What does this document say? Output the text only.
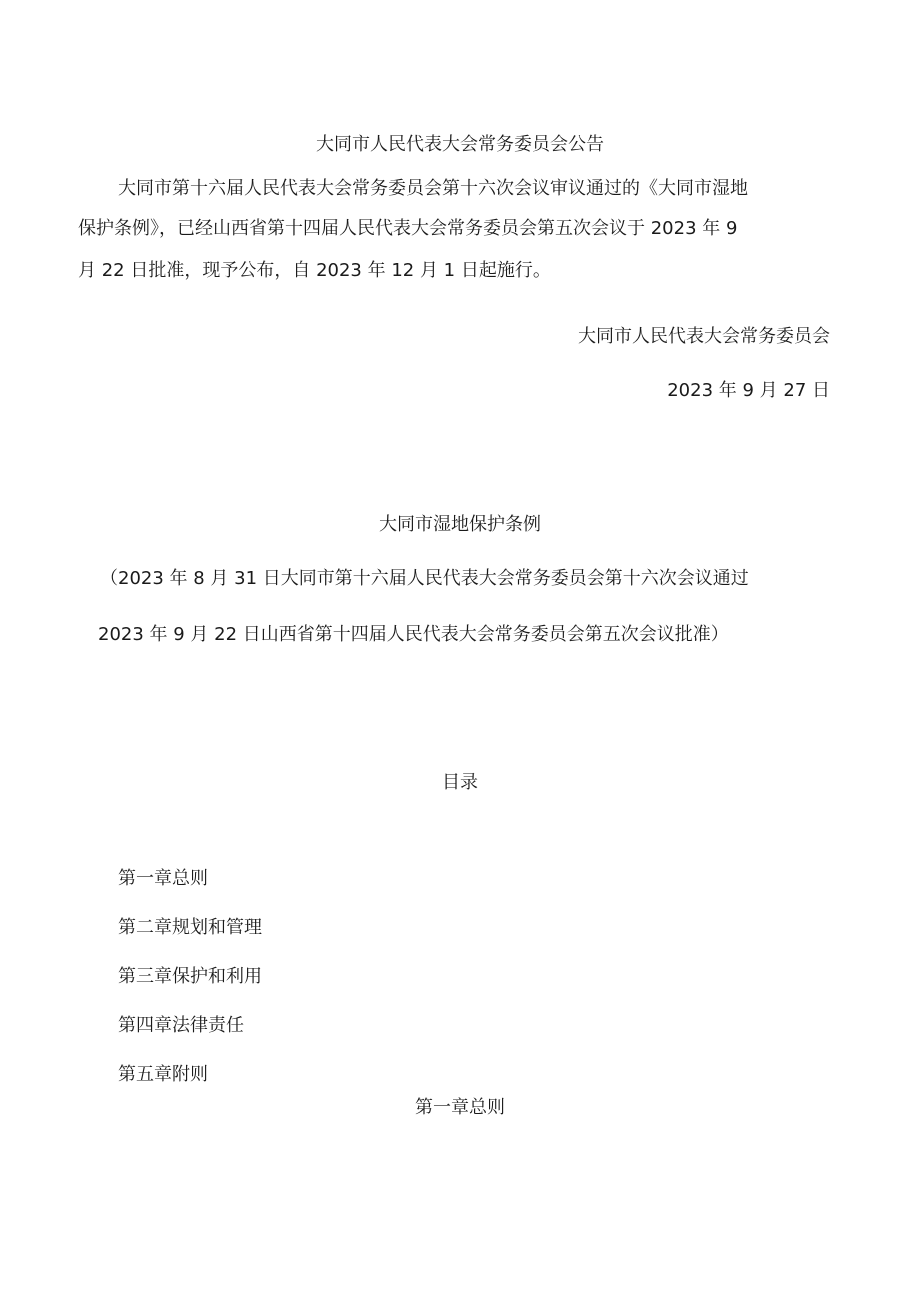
大同市人民代表大会常务委员会公告
大同市第十六届人民代表大会常务委员会第十六次会议审议通过的《大同市湿地
保护条例》，已经山西省第十四届人民代表大会常务委员会第五次会议于 2023 年 9
月 22 日批准，现予公布，自 2023 年 12 月 1 日起施行。
大同市人民代表大会常务委员会
2023 年 9 月 27 日
大同市湿地保护条例
（2023 年 8 月 31 日大同市第十六届人民代表大会常务委员会第十六次会议通过
2023 年 9 月 22 日山西省第十四届人民代表大会常务委员会第五次会议批准）
目录
第一章总则
第二章规划和管理
第三章保护和利用
第四章法律责任
第五章附则
第一章总则
